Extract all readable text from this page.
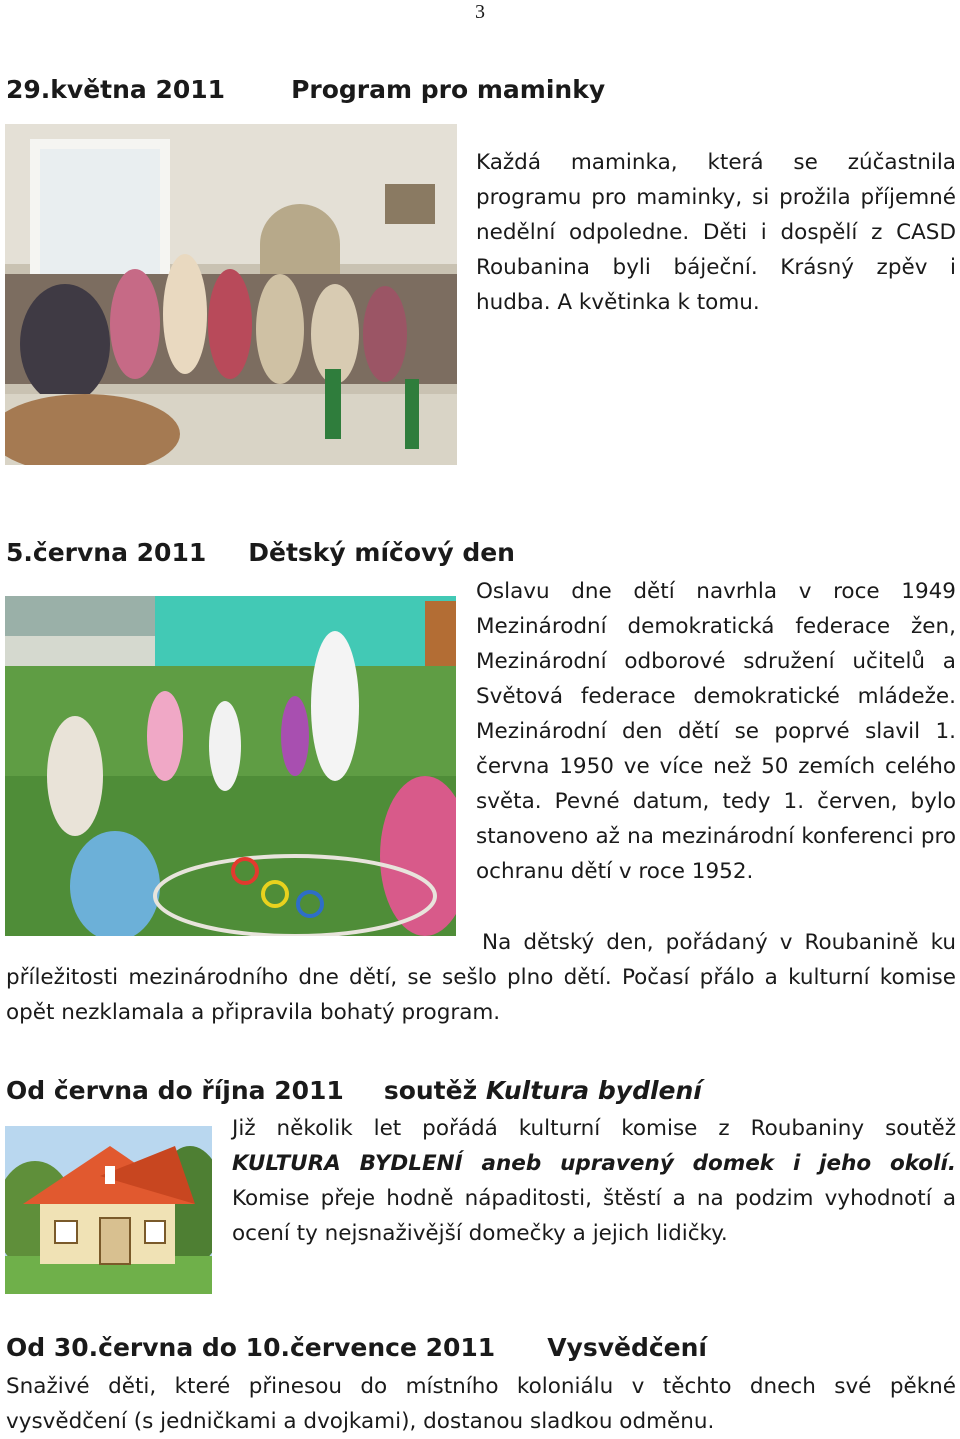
3
29.května 2011	Program pro maminky

Každá maminka, která se zúčastnila programu pro maminky, si prožila příjemné nedělní odpoledne. Děti i dospělí z CASD Roubanina byli báječní. Krásný zpěv i hudba. A květinka k tomu.

5.června 2011 Dětský míčový den

Oslavu dne dětí navrhla v roce 1949 Mezinárodní demokratická federace žen, Mezinárodní odborové sdružení učitelů a Světová federace demokratické mládeže. Mezinárodní den dětí se poprvé slavil 1. června 1950 ve více než 50 zemích celého světa. Pevné datum, tedy 1. červen, bylo stanoveno až na mezinárodní konferenci pro ochranu dětí v roce 1952.

Na dětský den, pořádaný v Roubanině ku příležitosti mezinárodního dne dětí, se sešlo plno dětí. Počasí přálo a kulturní komise opět nezklamala a připravila bohatý program.

Od června do října 2011 soutěž Kultura bydlení

Již několik let pořádá kulturní komise z Roubaniny soutěž KULTURA BYDLENÍ aneb upravený domek i jeho okolí. Komise přeje hodně nápaditosti, štěstí a na podzim vyhodnotí a ocení ty nejsnaživější domečky a jejich lidičky.

Od 30.června do 10.července 2011 Vysvědčení

Snaživé děti, které přinesou do místního koloniálu v těchto dnech své pěkné vysvědčení (s jedničkami a dvojkami), dostanou sladkou odměnu.
